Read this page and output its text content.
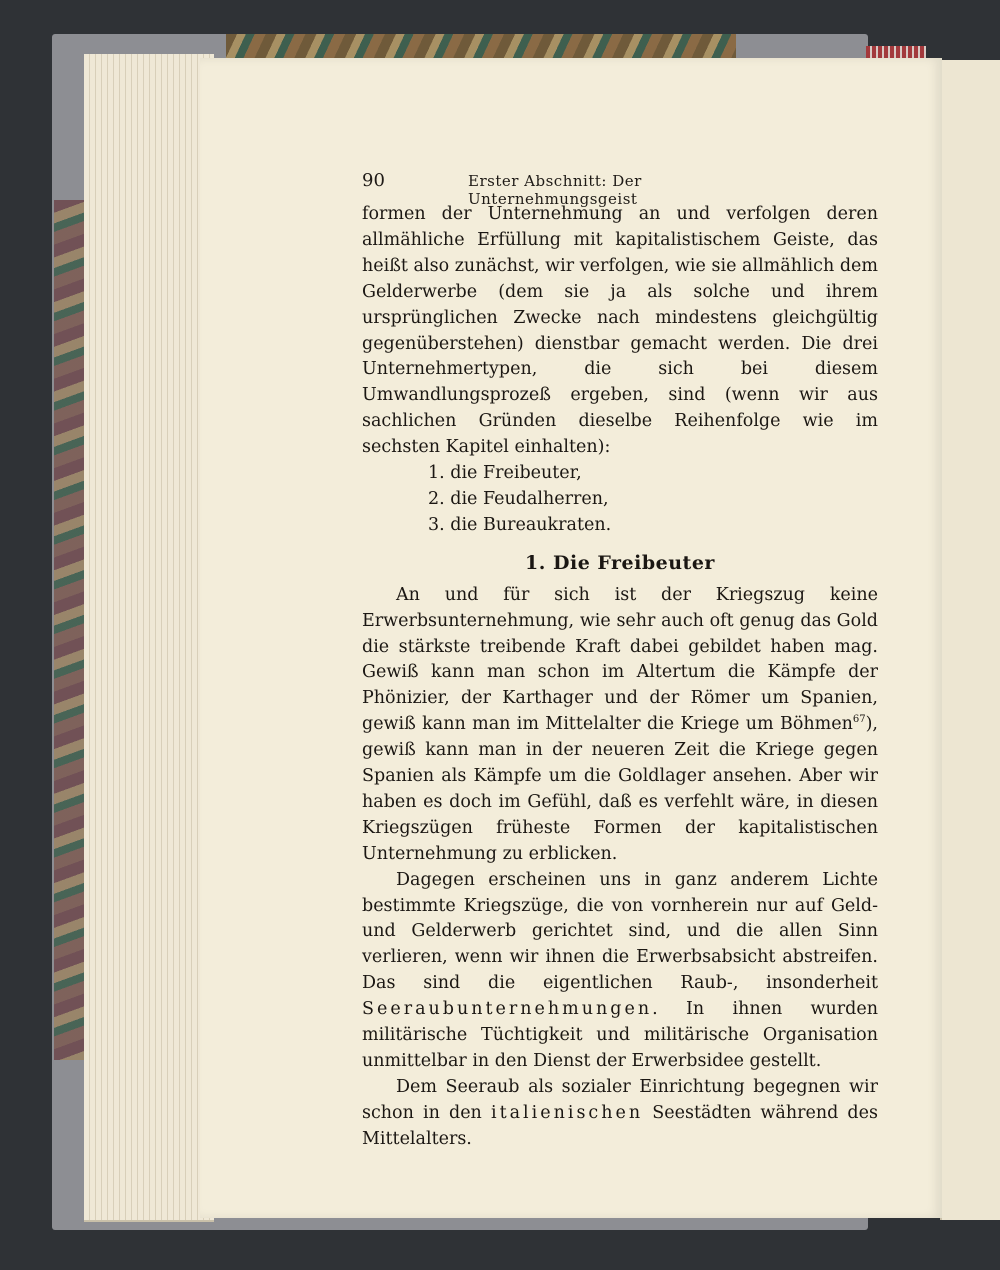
90	Erster Abschnitt: Der Unternehmungsgeist

formen der Unternehmung an und verfolgen deren allmähliche Erfüllung mit kapitalistischem Geiste, das heißt also zunächst, wir verfolgen, wie sie allmählich dem Gelderwerbe (dem sie ja als solche und ihrem ursprünglichen Zwecke nach mindestens gleichgültig gegenüberstehen) dienstbar gemacht werden. Die drei Unternehmertypen, die sich bei diesem Umwandlungsprozeß ergeben, sind (wenn wir aus sachlichen Gründen dieselbe Reihenfolge wie im sechsten Kapitel einhalten):

1. die Freibeuter,
2. die Feudalherren,
3. die Bureaukraten.
1. Die Freibeuter

An und für sich ist der Kriegszug keine Erwerbsunternehmung, wie sehr auch oft genug das Gold die stärkste treibende Kraft dabei gebildet haben mag. Gewiß kann man schon im Altertum die Kämpfe der Phönizier, der Karthager und der Römer um Spanien, gewiß kann man im Mittelalter die Kriege um Böhmen$^{67}$), gewiß kann man in der neueren Zeit die Kriege gegen Spanien als Kämpfe um die Goldlager ansehen. Aber wir haben es doch im Gefühl, daß es verfehlt wäre, in diesen Kriegszügen früheste Formen der kapitalistischen Unternehmung zu erblicken.

Dagegen erscheinen uns in ganz anderem Lichte bestimmte Kriegszüge, die von vornherein nur auf Geld- und Gelderwerb gerichtet sind, und die allen Sinn verlieren, wenn wir ihnen die Erwerbsabsicht abstreifen. Das sind die eigentlichen Raub-, insonderheit Seeraubunternehmungen. In ihnen wurden militärische Tüchtigkeit und militärische Organisation unmittelbar in den Dienst der Erwerbsidee gestellt.

Dem Seeraub als sozialer Einrichtung begegnen wir schon in den italienischen Seestädten während des Mittelalters.
